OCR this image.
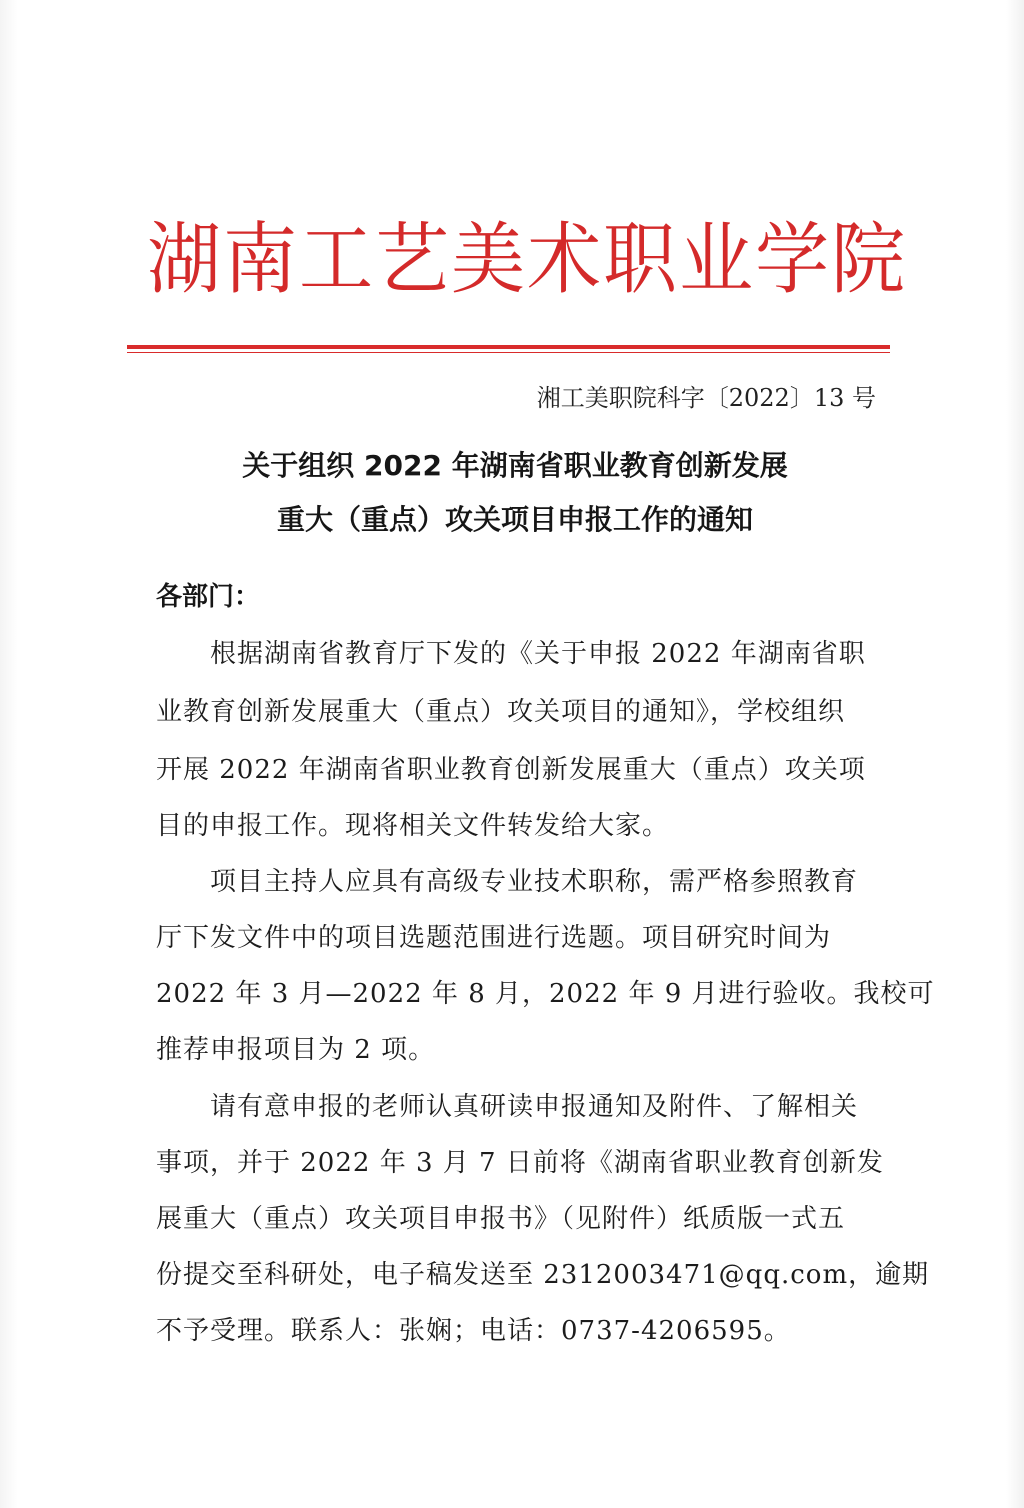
湖南工艺美术职业学院
湘工美职院科字〔2022〕13 号
关于组织 2022 年湖南省职业教育创新发展
重大（重点）攻关项目申报工作的通知
各部门：
根据湖南省教育厅下发的《关于申报 2022 年湖南省职
业教育创新发展重大（重点）攻关项目的通知》，学校组织
开展 2022 年湖南省职业教育创新发展重大（重点）攻关项
目的申报工作。现将相关文件转发给大家。
项目主持人应具有高级专业技术职称，需严格参照教育
厅下发文件中的项目选题范围进行选题。项目研究时间为
2022 年 3 月—2022 年 8 月，2022 年 9 月进行验收。我校可
推荐申报项目为 2 项。
请有意申报的老师认真研读申报通知及附件、了解相关
事项，并于 2022 年 3 月 7 日前将《湖南省职业教育创新发
展重大（重点）攻关项目申报书》（见附件）纸质版一式五
份提交至科研处，电子稿发送至 2312003471@qq.com，逾期
不予受理。联系人：张娴；电话：0737-4206595。
